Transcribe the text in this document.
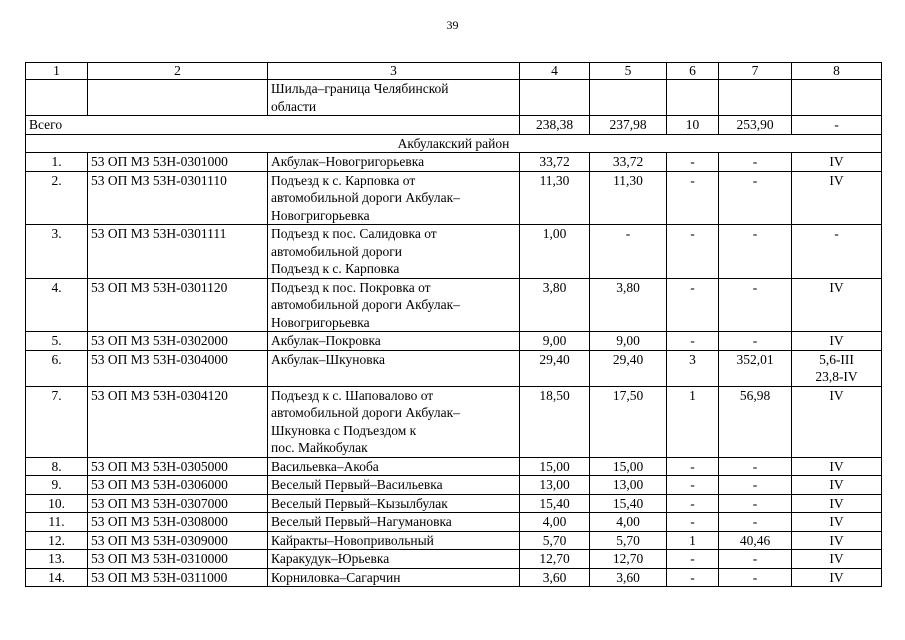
39
1	2	3	4	5	6	7	8

		Шильда–граница Челябинской
области					

Всего			238,38	237,98	10	253,90	-
Акбулакский район							
1.	53 ОП МЗ 53Н-0301000	Акбулак–Новогригорьевка	33,72	33,72	-	-	IV

2.	53 ОП МЗ 53Н-0301110	Подъезд к с. Карповка от
автомобильной дороги Акбулак–
Новогригорьевка	11,30	11,30	-	-	IV

3.	53 ОП МЗ 53Н-0301111	Подъезд к пос. Салидовка от
автомобильной дороги
Подъезд к с. Карповка	1,00	-	-	-	-

4.	53 ОП МЗ 53Н-0301120	Подъезд к пос. Покровка от
автомобильной дороги Акбулак–
Новогригорьевка	3,80	3,80	-	-	IV

5.	53 ОП МЗ 53Н-0302000	Акбулак–Покровка	9,00	9,00	-	-	IV

6.	53 ОП МЗ 53Н-0304000	Акбулак–Шкуновка	29,40	29,40	3	352,01	5,6-III
23,8-IV

7.	53 ОП МЗ 53Н-0304120	Подъезд к с. Шаповалово от
автомобильной дороги Акбулак–
Шкуновка с Подъездом к
пос. Майкобулак	18,50	17,50	1	56,98	IV

8.	53 ОП МЗ 53Н-0305000	Васильевка–Акоба	15,00	15,00	-	-	IV

9.	53 ОП МЗ 53Н-0306000	Веселый Первый–Васильевка	13,00	13,00	-	-	IV

10.	53 ОП МЗ 53Н-0307000	Веселый Первый–Кызылбулак	15,40	15,40	-	-	IV

11.	53 ОП МЗ 53Н-0308000	Веселый Первый–Нагумановка	4,00	4,00	-	-	IV

12.	53 ОП МЗ 53Н-0309000	Кайракты–Новопривольный	5,70	5,70	1	40,46	IV

13.	53 ОП МЗ 53Н-0310000	Каракудук–Юрьевка	12,70	12,70	-	-	IV

14.	53 ОП МЗ 53Н-0311000	Корниловка–Сагарчин	3,60	3,60	-	-	IV
